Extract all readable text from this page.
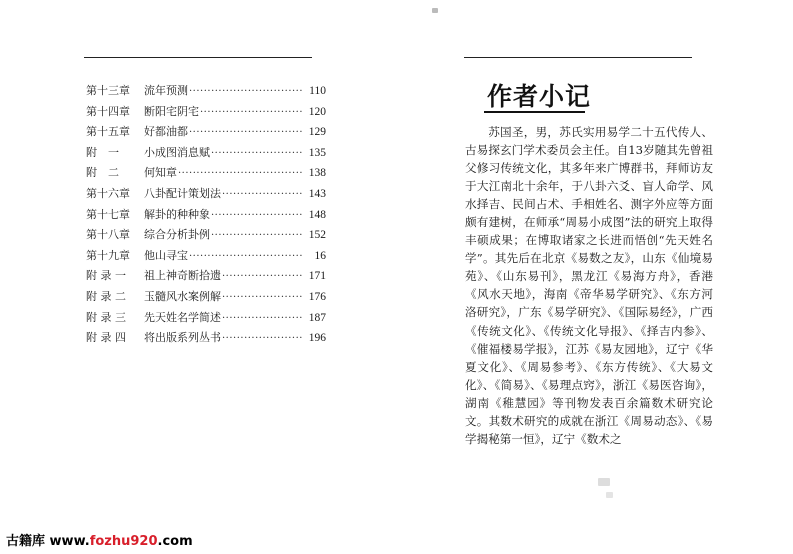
第十三章	流年预测 ·····	110
第十四章	断阳宅阴宅 ·····	120
第十五章	好都油都 ·····	129
附　一	小成图消息赋 ·····	135
附　二	何知章 ·····	138
第十六章	八卦配计策划法 ·····	143
第十七章	解卦的种种象 ·····	148
第十八章	综合分析卦例 ·····	152
第十九章	他山寻宝 ·····	16
附 录 一	祖上神奇断拾遗 ·····	171
附 录 二	玉髓风水案例解 ·····	176
附 录 三	先天姓名学简述 ·····	187
附 录 四	将出版系列丛书 ·····	196
作者小记
苏国圣，男，苏氏实用易学二十五代传人、古易探玄门学术委员会主任。自13岁随其先曾祖父修习传统文化，其多年来广博群书，拜师访友于大江南北十余年，于八卦六爻、盲人命学、风水择吉、民间占术、手相姓名、测字外应等方面颇有建树，在师承“周易小成图”法的研究上取得丰硕成果；在博取诸家之长进而悟创“先天姓名学”。其先后在北京《易数之友》，山东《仙境易苑》、《山东易刊》，黑龙江《易海方舟》，香港《风水天地》，海南《帝华易学研究》、《东方河洛研究》，广东《易学研究》、《国际易经》，广西《传统文化》、《传统文化导报》、《择吉内参》、《催福楼易学报》，江苏《易友园地》，辽宁《华夏文化》、《周易参考》、《东方传统》、《大易文化》、《简易》、《易理点窍》，浙江《易医咨询》，湖南《稚慧园》等刊物发表百余篇数术研究论文。其数术研究的成就在浙江《周易动态》、《易学揭秘第一恒》，辽宁《数术之
古籍库 www.fozhu920.com
